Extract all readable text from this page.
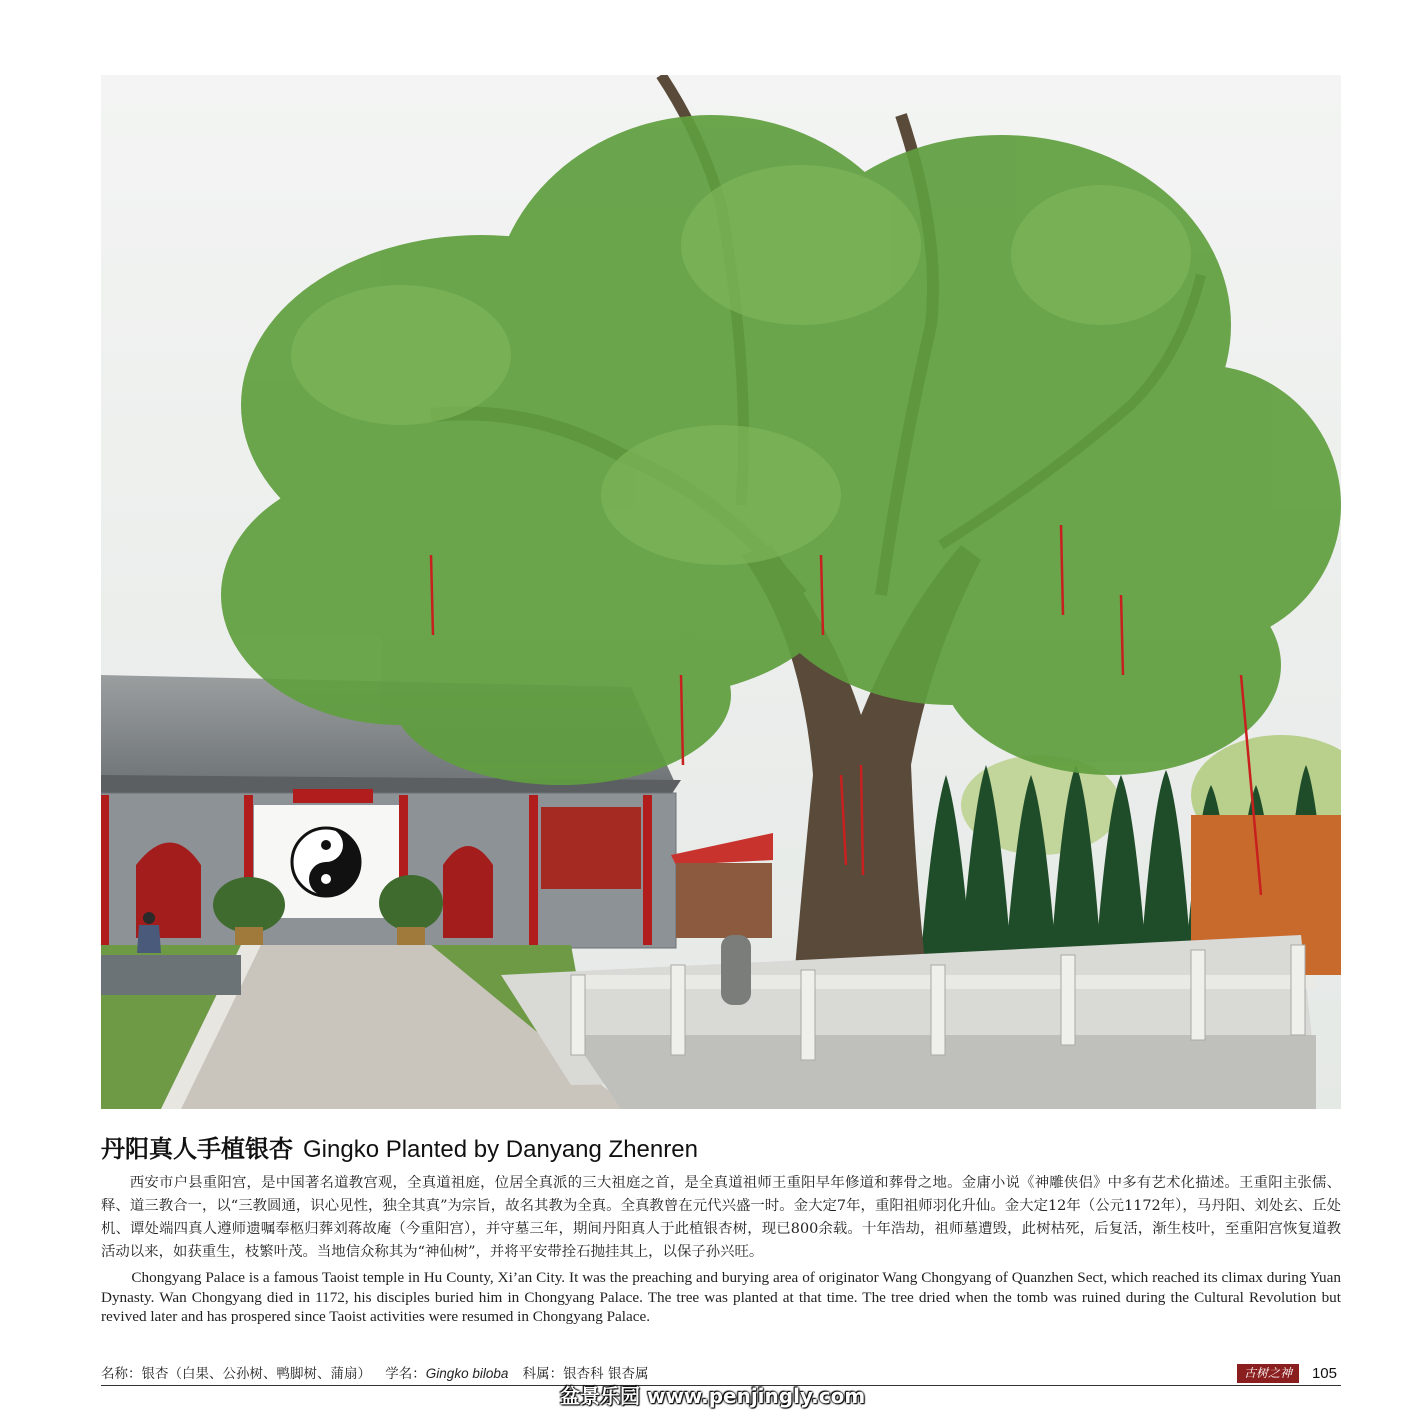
丹阳真人手植银杏 Gingko Planted by Danyang Zhenren

西安市户县重阳宫，是中国著名道教宫观，全真道祖庭，位居全真派的三大祖庭之首，是全真道祖师王重阳早年修道和葬骨之地。金庸小说《神雕侠侣》中多有艺术化描述。王重阳主张儒、释、道三教合一，以“三教圆通，识心见性，独全其真”为宗旨，故名其教为全真。全真教曾在元代兴盛一时。金大定7年，重阳祖师羽化升仙。金大定12年（公元1172年），马丹阳、刘处玄、丘处机、谭处端四真人遵师遗嘱奉柩归葬刘蒋故庵（今重阳宫），并守墓三年，期间丹阳真人于此植银杏树，现已800余载。十年浩劫，祖师墓遭毁，此树枯死，后复活，渐生枝叶，至重阳宫恢复道教活动以来，如获重生，枝繁叶茂。当地信众称其为“神仙树”，并将平安带拴石抛挂其上，以保子孙兴旺。

Chongyang Palace is a famous Taoist temple in Hu County, Xi’an City. It was the preaching and burying area of originator Wang Chongyang of Quanzhen Sect, which reached its climax during Yuan Dynasty. Wan Chongyang died in 1172, his disciples buried him in Chongyang Palace. The tree was planted at that time. The tree dried when the tomb was ruined during the Cultural Revolution but revived later and has prospered since Taoist activities were resumed in Chongyang Palace.

名称：银杏（白果、公孙树、鸭脚树、蒲扇） 学名：Gingko biloba 科属：银杏科 银杏属	古树之神	105
盆景乐园 www.penjingly.com
